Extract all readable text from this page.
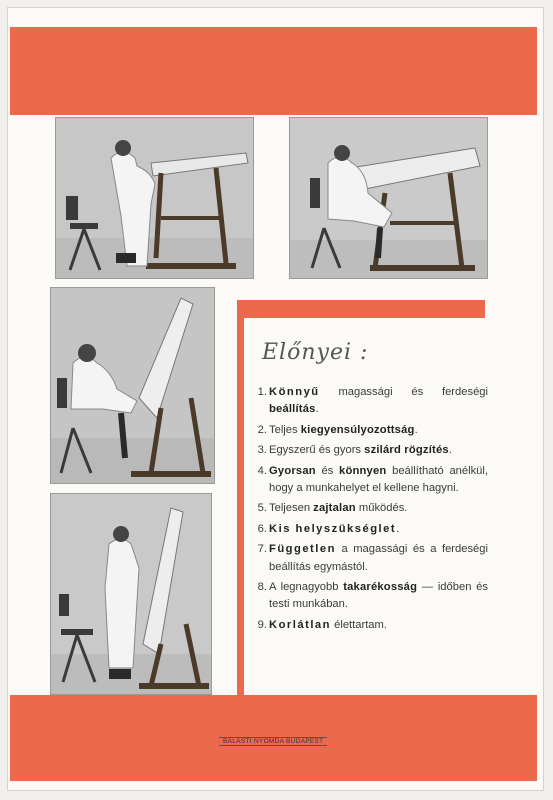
Előnyei :
1. Könnyű magassági és ferdeségi beállítás.
2. Teljes kiegyensúlyozottság.
3. Egyszerű és gyors szilárd rögzítés.
4. Gyorsan és könnyen beállítható anélkül, hogy a munkahelyet el kellene hagyni.
5. Teljesen zajtalan működés.
6. Kis helyszükséglet.
7. Független a magassági és a ferdeségi beállítás egymástól.
8. A legnagyobb takarékosság — időben és testi munkában.
9. Korlátlan élettartam.
BALÁSTI NYOMDA BUDAPEST
